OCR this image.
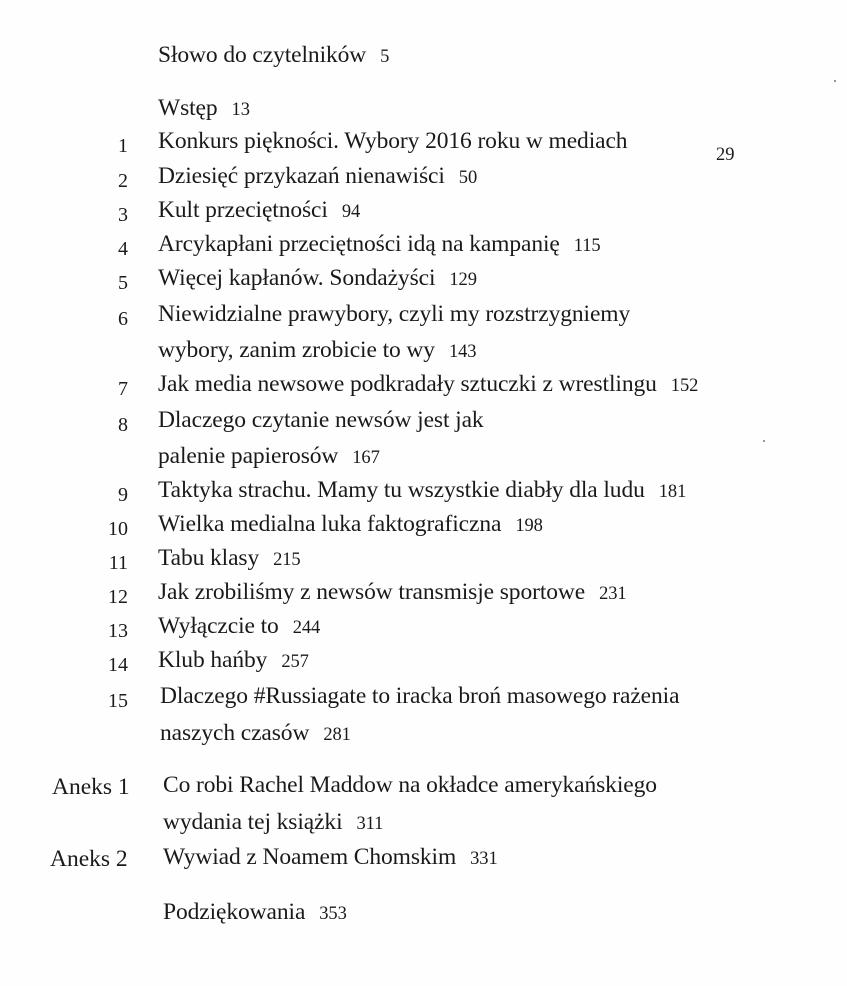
Słowo do czytelników 5
Wstęp 13
1 Konkurs piękności. Wybory 2016 roku w mediach
29
2 Dziesięć przykazań nienawiści 50
3 Kult przeciętności 94
4 Arcykapłani przeciętności idą na kampanię 115
5 Więcej kapłanów. Sondażyści 129
6 Niewidzialne prawybory, czyli my rozstrzygniemy
wybory, zanim zrobicie to wy 143
7 Jak media newsowe podkradały sztuczki z wrestlingu 152
8 Dlaczego czytanie newsów jest jak
palenie papierosów 167
9 Taktyka strachu. Mamy tu wszystkie diabły dla ludu 181
10 Wielka medialna luka faktograficzna 198
11 Tabu klasy 215
12 Jak zrobiliśmy z newsów transmisje sportowe 231
13 Wyłączcie to 244
14 Klub hańby 257
15 Dlaczego #Russiagate to iracka broń masowego rażenia
naszych czasów 281
Aneks 1 Co robi Rachel Maddow na okładce amerykańskiego
wydania tej książki 311
Aneks 2 Wywiad z Noamem Chomskim 331
Podziękowania 353
